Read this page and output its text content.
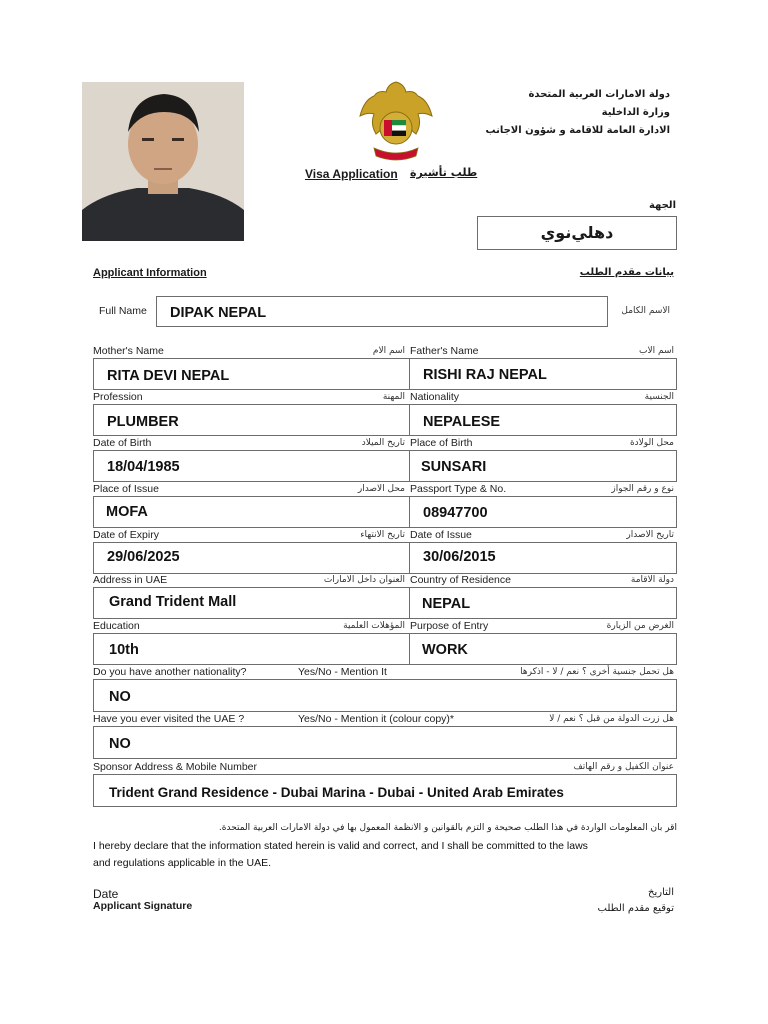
دولة الامارات العربية المتحدة
وزارة الداخلية
الادارة العامة للاقامة و شؤون الاجانب
Visa Application طلب تأشيرة
الجهة
دهلي‌نوي
Applicant Information	بيانات مقدم الطلب
Full Name DIPAK NEPAL	الاسم الكامل
Mother's Name	اسم الام Father's Name	اسم الاب
RITA DEVI NEPAL	RISHI RAJ NEPAL
Profession	المهنة Nationality	الجنسية
PLUMBER	NEPALESE
Date of Birth	تاريخ الميلاد Place of Birth	محل الولادة
18/04/1985	SUNSARI
Place of Issue	محل الاصدار Passport Type & No.	نوع و رقم الجواز
MOFA	08947700
Date of Expiry	تاريخ الانتهاء Date of Issue	تاريخ الاصدار
29/06/2025	30/06/2015
Address in UAE	العنوان داخل الامارات Country of Residence	دولة الاقامة
Grand Trident Mall	NEPAL
Education	المؤهلات العلمية Purpose of Entry	الغرض من الزيارة
10th	WORK
Do you have another nationality?	Yes/No - Mention It	هل تحمل جنسية أخرى ؟ نعم / لا - اذكرها
NO
Have you ever visited the UAE ?	Yes/No - Mention it (colour copy)*	هل زرت الدولة من قبل ؟ نعم / لا
NO
Sponsor Address & Mobile Number	عنوان الكفيل و رقم الهاتف
Trident Grand Residence - Dubai Marina - Dubai - United Arab Emirates
أقر بأن المعلومات الواردة في هذا الطلب صحيحة و ألتزم بالقوانين و الأنظمة المعمول بها في دولة الامارات العربية المتحدة.
I hereby declare that the information stated herein is valid and correct, and I shall be committed to the laws
and regulations applicable in the UAE.
Date
Applicant Signature
التاريخ
توقيع مقدم الطلب
